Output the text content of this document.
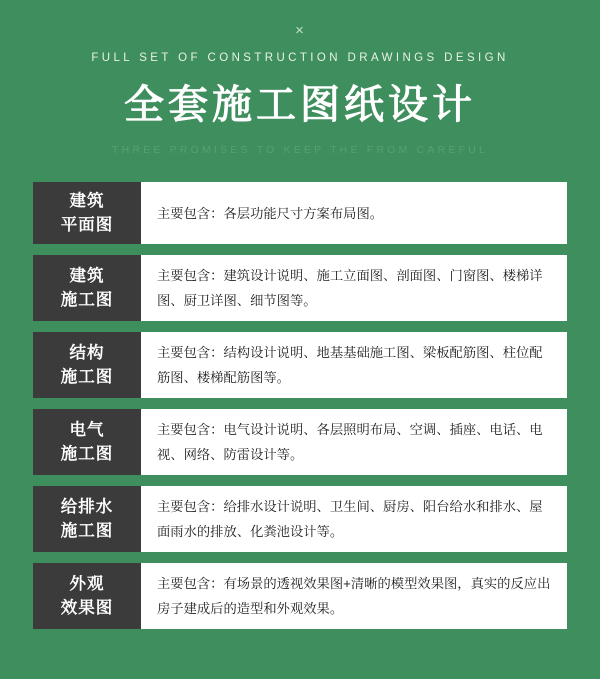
×
FULL SET OF CONSTRUCTION DRAWINGS DESIGN
全套施工图纸设计
THREE PROMISES TO KEEP THE FROM CAREFUL
建筑
平面图

主要包含：各层功能尺寸方案布局图。

建筑
施工图

主要包含：建筑设计说明、施工立面图、剖面图、门窗图、楼梯详图、厨卫详图、细节图等。

结构
施工图

主要包含：结构设计说明、地基基础施工图、梁板配筋图、柱位配筋图、楼梯配筋图等。

电气
施工图

主要包含：电气设计说明、各层照明布局、空调、插座、电话、电视、网络、防雷设计等。

给排水
施工图

主要包含：给排水设计说明、卫生间、厨房、阳台给水和排水、屋面雨水的排放、化粪池设计等。

外观
效果图

主要包含：有场景的透视效果图+清晰的模型效果图，真实的反应出房子建成后的造型和外观效果。
